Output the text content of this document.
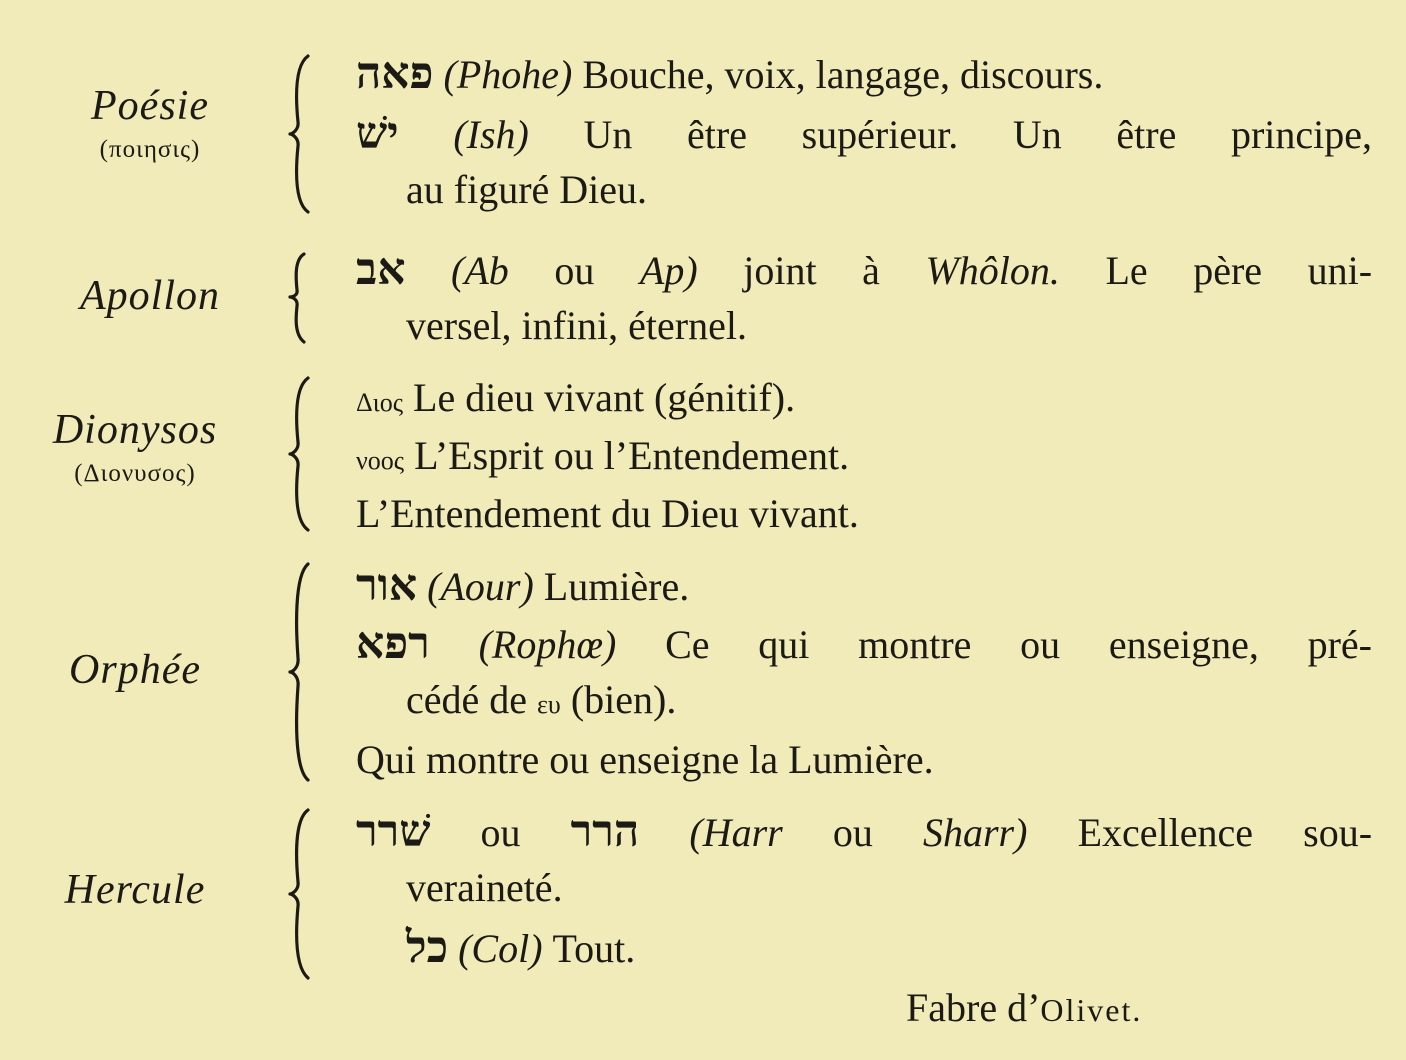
Poésie
(ποιησις)
פאה (Phohe) Bouche, voix, langage, discours.
ישׁ (Ish) Un être supérieur. Un être principe,
au figuré Dieu.
Apollon
אב (Ab ou Ap) joint à Whôlon. Le père uni-
versel, infini, éternel.
Dionysos
(Διονυσος)
Διος Le dieu vivant (génitif).
νοος L’Esprit ou l’Entendement.
L’Entendement du Dieu vivant.
Orphée
אור (Aour) Lumière.
רפא (Rophœ) Ce qui montre ou enseigne, pré-
cédé de ευ (bien).
Qui montre ou enseigne la Lumière.
Hercule
שׁרר ou הרר (Harr ou Sharr) Excellence sou-
veraineté.
כל (Col) Tout.
Fabre d’Olivet.
